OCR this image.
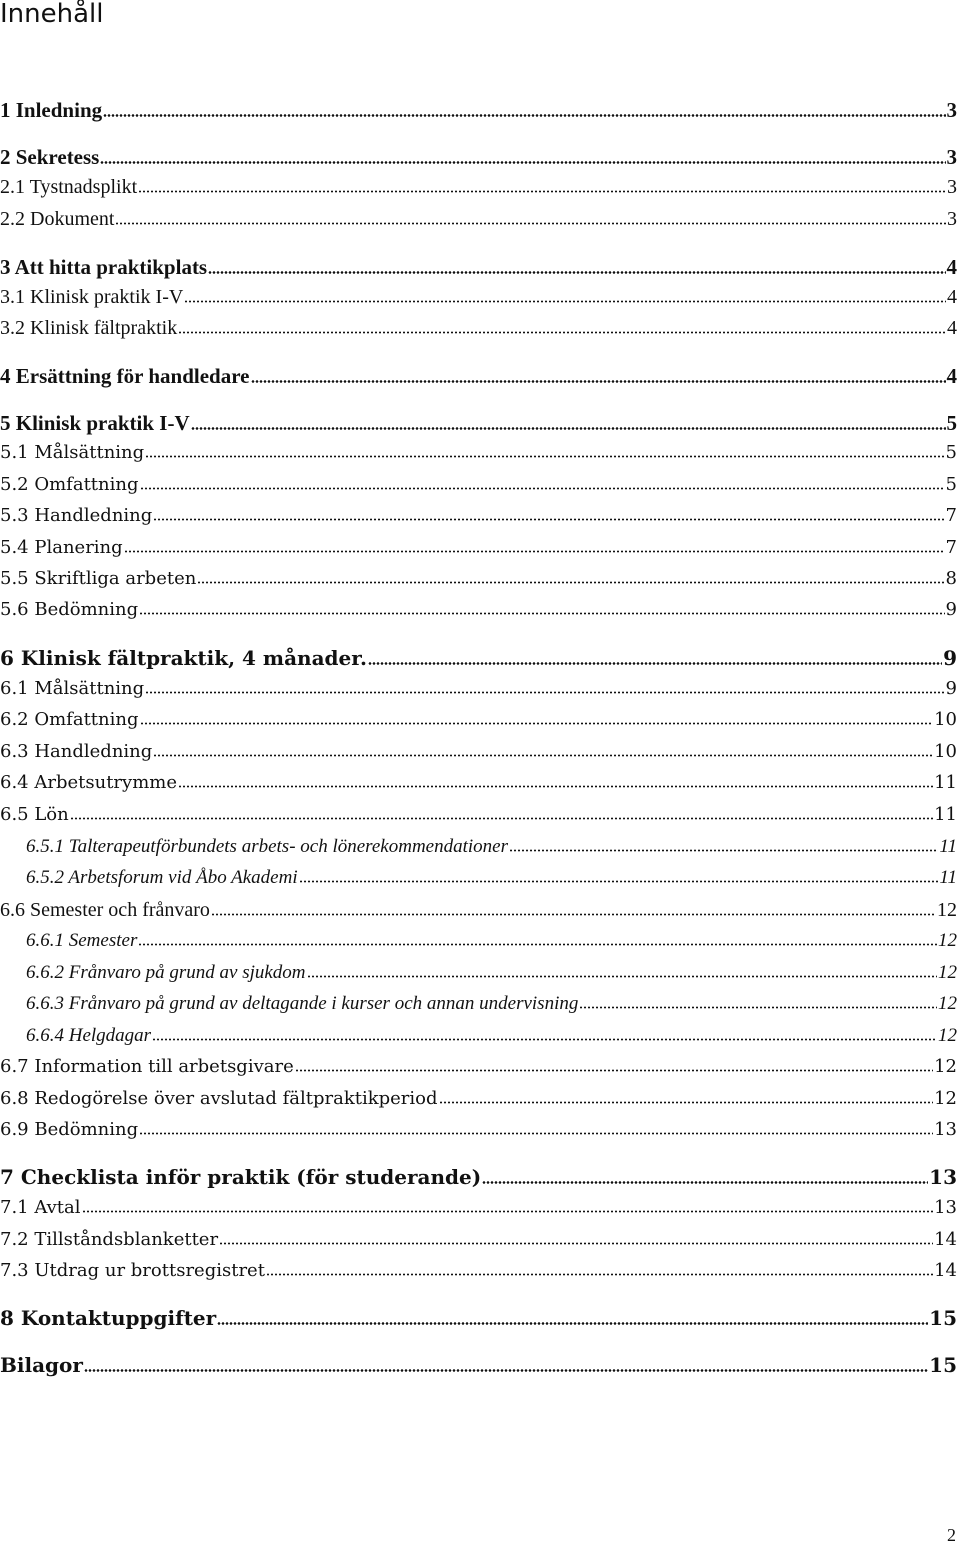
Innehåll
1 Inledning	3
2 Sekretess	3
2.1 Tystnadsplikt	3
2.2 Dokument	3
3 Att hitta praktikplats	4
3.1 Klinisk praktik I-V	4
3.2 Klinisk fältpraktik	4
4 Ersättning för handledare	4
5 Klinisk praktik I-V	5
5.1 Målsättning	5
5.2 Omfattning	5
5.3 Handledning	7
5.4 Planering	7
5.5 Skriftliga arbeten	8
5.6 Bedömning	9
6 Klinisk fältpraktik, 4 månader.	9
6.1 Målsättning	9
6.2 Omfattning	10
6.3 Handledning	10
6.4 Arbetsutrymme	11
6.5 Lön	11
6.5.1 Talterapeutförbundets arbets- och lönerekommendationer	11
6.5.2 Arbetsforum vid Åbo Akademi	11
6.6 Semester och frånvaro	12
6.6.1 Semester	12
6.6.2 Frånvaro på grund av sjukdom	12
6.6.3 Frånvaro på grund av deltagande i kurser och annan undervisning	12
6.6.4 Helgdagar	12
6.7 Information till arbetsgivare	12
6.8 Redogörelse över avslutad fältpraktikperiod	12
6.9 Bedömning	13
7 Checklista inför praktik (för studerande)	13
7.1 Avtal	13
7.2 Tillståndsblanketter	14
7.3 Utdrag ur brottsregistret	14
8 Kontaktuppgifter	15
Bilagor	15
2
